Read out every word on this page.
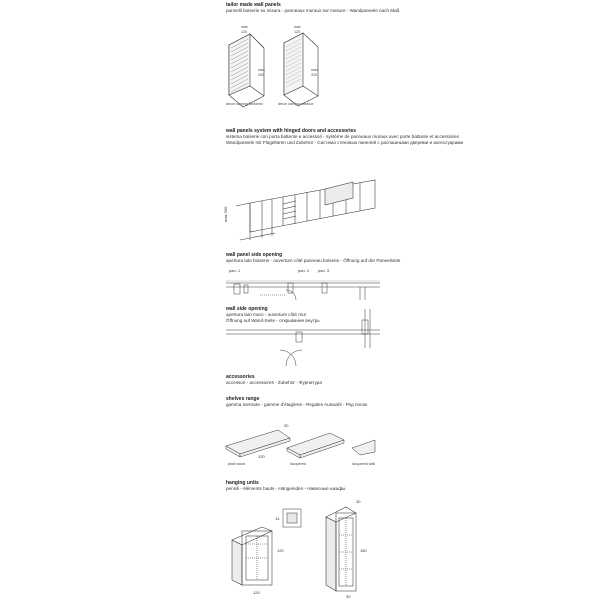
tailor made wall panels
pannelli boiserie su misura - panneaux muraux sur mesure - Wandpaneele nach Maß
max 330
pan. 1	pan. 2 pan. 3
30
120
14
120
120
30
180
30
decor carving fioritomix	decor carving medoux
max
125
max
330
max
125
max
320
wall panels system with hinged doors and accessories
sistema boiserie con porta battente e accessori - système de panneaux muraux avec porte battante et accessoires
Wandpaneele mit Flügeltüren und Zubehör - Система стеновых панелей с распашными дверями и аксессуарами
wall panel side opening
apertura lato boiserie - ouverture côté panneau boiserie - Öffnung auf der Paneelseite
wall side opening
apertura lato muro - ouverture côté mur
Öffnung auf Wand-Seite - открывание внутрь
accessories
accessori - accessoires - Zubehör - Фурнитура
shelves range
gamma mensole - gamme d'étagères - Regalen Auswahl - Ряд полок
plain wood	lacquered	lacquered wall
hanging units
pensili - éléments hauts - Hängeinden - Навесные шкафы
